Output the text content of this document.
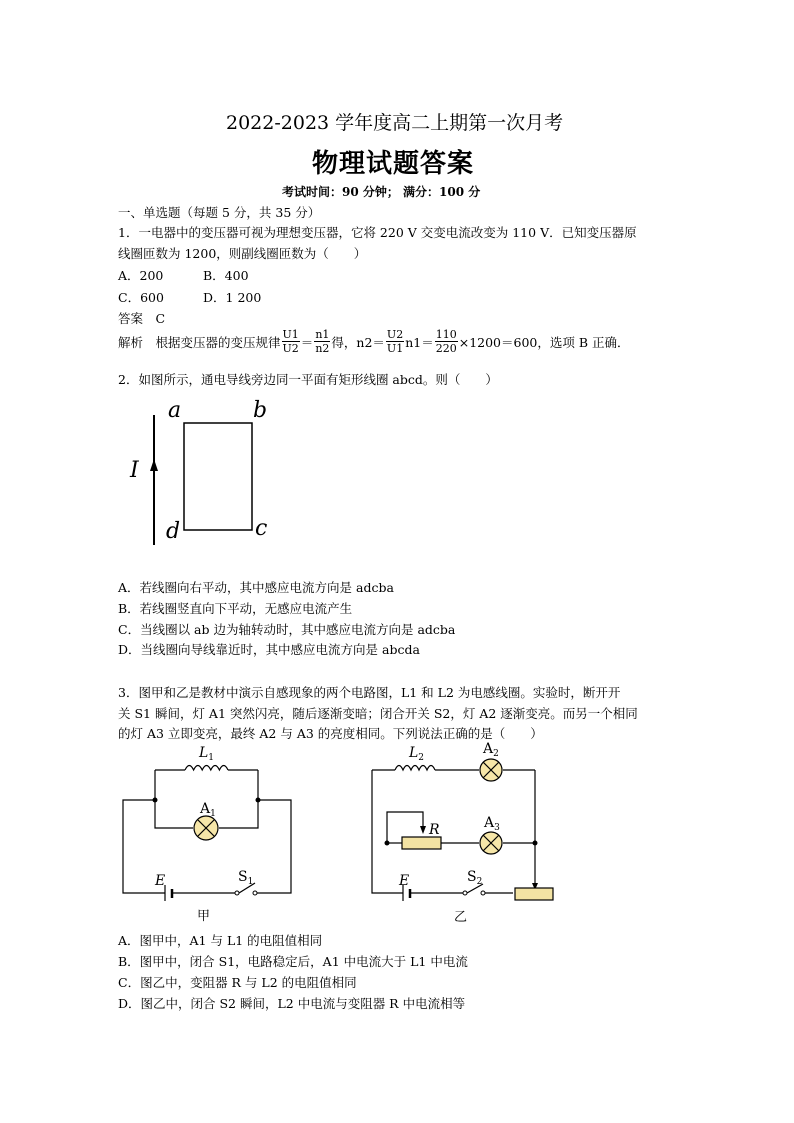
2022-2023 学年度高二上期第一次月考
物理试题答案
考试时间：90 分钟； 满分：100 分
一、单选题（每题 5 分，共 35 分）
1．一电器中的变压器可视为理想变压器，它将 220 V 交变电流改变为 110 V．已知变压器原
线圈匝数为 1200，则副线圈匝数为（　　）
A．200	B．400
C．600	D．1 200
答案　C
解析　根据变压器的变压规律 $\frac{U1}{U2} = \frac{n1}{n2}$ 得，$n2= \frac{U2}{U1} n1= \frac{110}{220} \times 1200=600$，选项 B 正确．
2．如图所示，通电导线旁边同一平面有矩形线圈 abcd。则（　　）
a	b
c
d
I
A．若线圈向右平动，其中感应电流方向是 adcba
B．若线圈竖直向下平动，无感应电流产生
C．当线圈以 ab 边为轴转动时，其中感应电流方向是 adcba
D．当线圈向导线靠近时，其中感应电流方向是 abcda
3．图甲和乙是教材中演示自感现象的两个电路图，L1 和 L2 为电感线圈。实验时，断开开
关 S1 瞬间，灯 A1 突然闪亮，随后逐渐变暗；闭合开关 S2，灯 A2 逐渐变亮。而另一个相同
的灯 A3 立即变亮，最终 A2 与 A3 的亮度相同。下列说法正确的是（　　）
$L_1$
$A_1$
E	$S_1$
甲
$L_2$
$A_2$
$A_3$
R
E	$S_2$
乙
A．图甲中，A1 与 L1 的电阻值相同
B．图甲中，闭合 S1，电路稳定后，A1 中电流大于 L1 中电流
C．图乙中，变阻器 R 与 L2 的电阻值相同
D．图乙中，闭合 S2 瞬间，L2 中电流与变阻器 R 中电流相等
